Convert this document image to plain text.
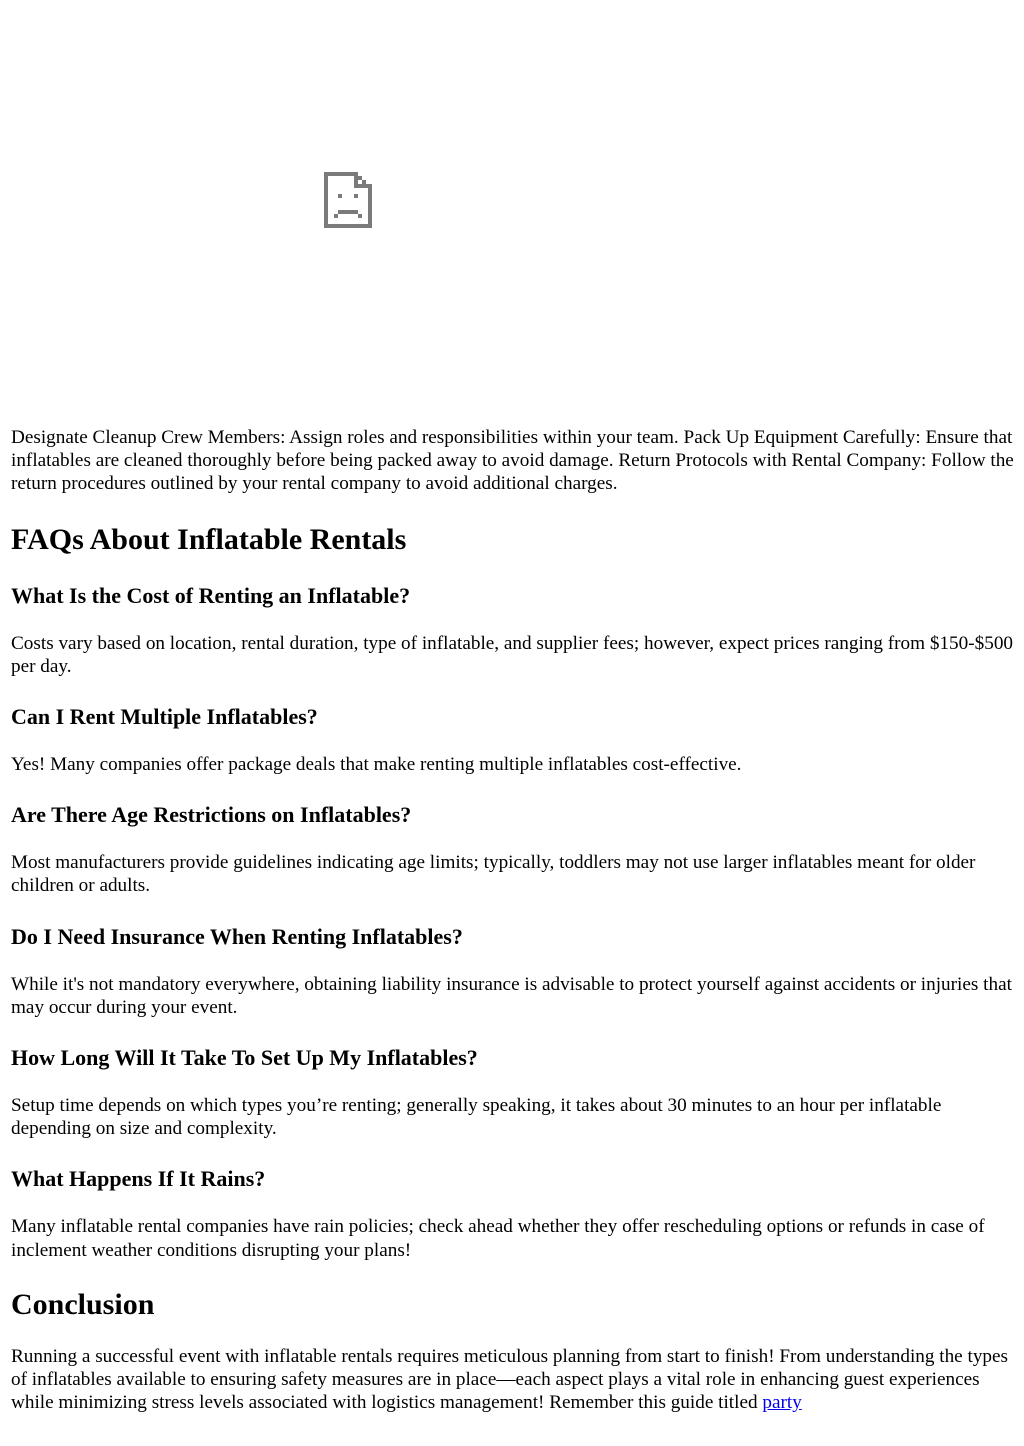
Designate Cleanup Crew Members: Assign roles and responsibilities within your team. Pack Up Equipment Carefully: Ensure that inflatables are cleaned thoroughly before being packed away to avoid damage. Return Protocols with Rental Company: Follow the return procedures outlined by your rental company to avoid additional charges.

FAQs About Inflatable Rentals
What Is the Cost of Renting an Inflatable?

Costs vary based on location, rental duration, type of inflatable, and supplier fees; however, expect prices ranging from $150-$500 per day.

Can I Rent Multiple Inflatables?

Yes! Many companies offer package deals that make renting multiple inflatables cost-effective.

Are There Age Restrictions on Inflatables?

Most manufacturers provide guidelines indicating age limits; typically, toddlers may not use larger inflatables meant for older children or adults.

Do I Need Insurance When Renting Inflatables?

While it's not mandatory everywhere, obtaining liability insurance is advisable to protect yourself against accidents or injuries that may occur during your event.

How Long Will It Take To Set Up My Inflatables?

Setup time depends on which types you’re renting; generally speaking, it takes about 30 minutes to an hour per inflatable depending on size and complexity.

What Happens If It Rains?

Many inflatable rental companies have rain policies; check ahead whether they offer rescheduling options or refunds in case of inclement weather conditions disrupting your plans!

Conclusion

Running a successful event with inflatable rentals requires meticulous planning from start to finish! From understanding the types of inflatables available to ensuring safety measures are in place—each aspect plays a vital role in enhancing guest experiences while minimizing stress levels associated with logistics management! Remember this guide titled party
